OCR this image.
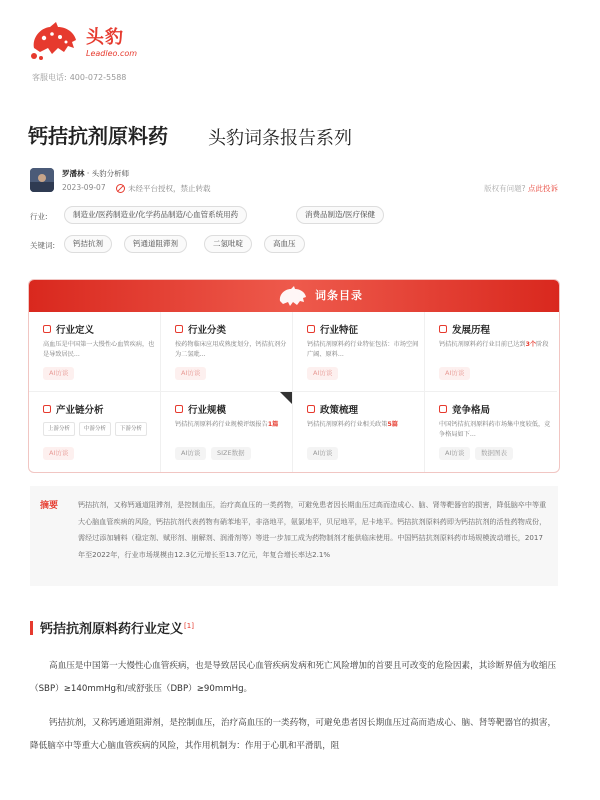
头豹
Leadleo.com
客服电话: 400-072-5588
钙拮抗剂原料药 头豹词条报告系列
罗潘林 · 头豹分析师
2023-09-07	未经平台授权，禁止转载	版权有问题? 点此投诉
行业:	制造业/医药制造业/化学药品制造/心血管系统用药	消费品制造/医疗保健
关键词:	钙拮抗剂	钙通道阻滞剂	二氢吡啶	高血压
词条目录
行业定义
高血压是中国第一大慢性心血管疾病，也是导致居民...
AI访谈
行业分类
按药物临床应用成熟度划分，钙拮抗剂分为二氢吡...
AI访谈
行业特征
钙拮抗剂原料药行业特征包括：市场空间广阔、原料...
AI访谈
发展历程
钙拮抗剂原料药行业目前已达到3个阶段
AI访谈
产业链分析
上游分析	中游分析	下游分析
AI访谈
行业规模
钙拮抗剂原料药行业规模评级报告1篇
AI访谈	SIZE数据
政策梳理
钙拮抗剂原料药行业相关政策5篇
AI访谈
竞争格局
中国钙拮抗剂原料药市场集中度较低，竞争格局如下...
AI访谈	数据图表
摘要	钙拮抗剂，又称钙通道阻滞剂，是控制血压，治疗高血压的一类药物，可避免患者因长期血压过高而造成心、脑、肾等靶器官的损害，降低脑卒中等重大心脑血管疾病的风险，钙拮抗剂代表药物有硝苯地平，非洛地平，氨氯地平，贝尼地平，尼卡地平。钙拮抗剂原料药即为钙拮抗剂的活性药物成份，需经过添加辅料（稳定剂、赋形剂、崩解剂、润滑剂等）等进一步加工成为药物制剂才能供临床使用。中国钙拮抗剂原料药市场规模波动增长，2017年至2022年，行业市场规模由12.3亿元增长至13.7亿元，年复合增长率达2.1%
钙拮抗剂原料药行业定义[1]
高血压是中国第一大慢性心血管疾病，也是导致居民心血管疾病发病和死亡风险增加的首要且可改变的危险因素，其诊断界值为收缩压（SBP）≥140mmHg和/或舒张压（DBP）≥90mmHg。
钙拮抗剂，又称钙通道阻滞剂，是控制血压，治疗高血压的一类药物，可避免患者因长期血压过高而造成心、脑、肾等靶器官的损害，降低脑卒中等重大心脑血管疾病的风险，其作用机制为：作用于心肌和平滑肌，阻
